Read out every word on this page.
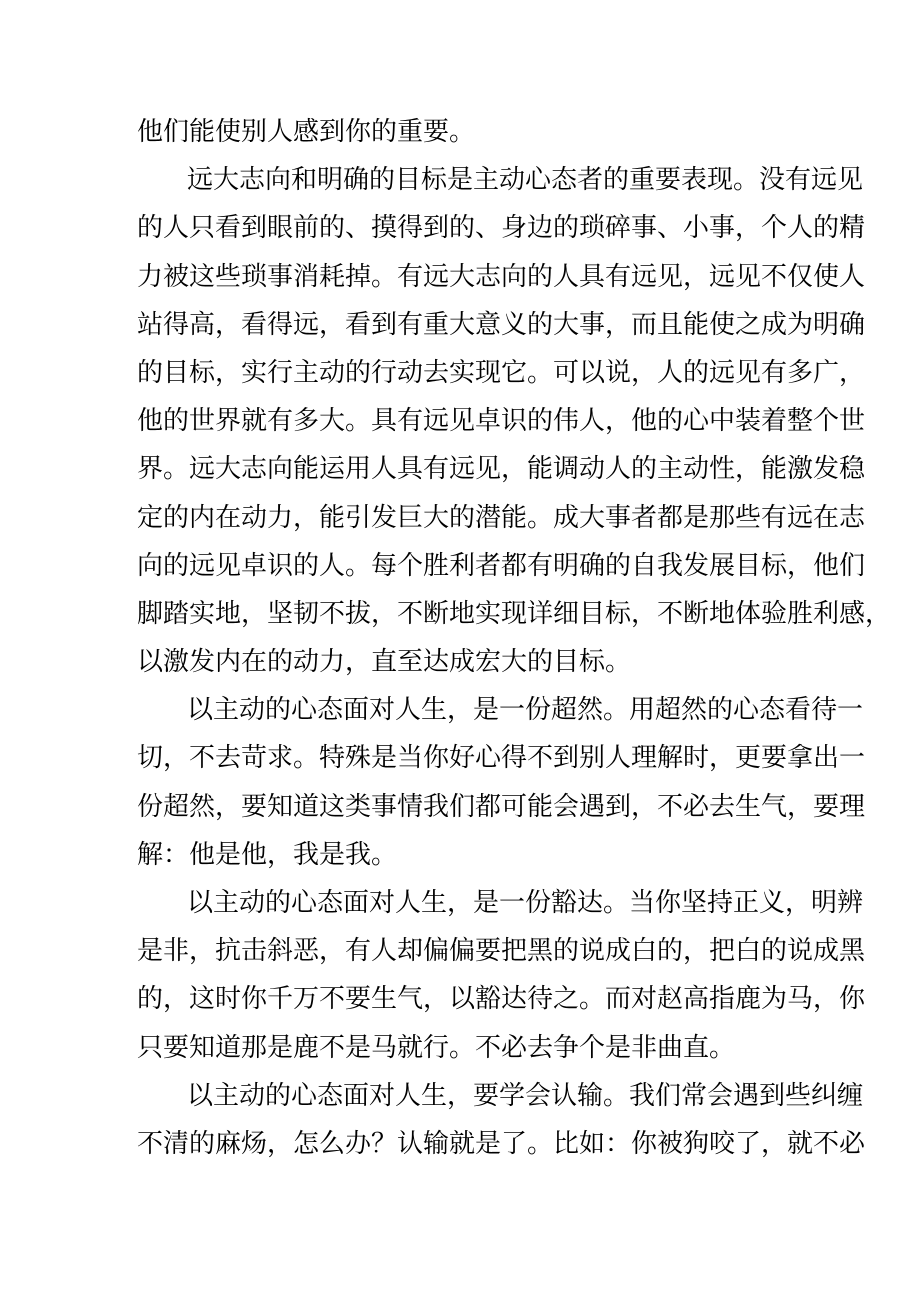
他们能使别人感到你的重要。
远大志向和明确的目标是主动心态者的重要表现。没有远见
的人只看到眼前的、摸得到的、身边的琐碎事、小事，个人的精
力被这些琐事消耗掉。有远大志向的人具有远见，远见不仅使人
站得高，看得远，看到有重大意义的大事，而且能使之成为明确
的目标，实行主动的行动去实现它。可以说，人的远见有多广，
他的世界就有多大。具有远见卓识的伟人，他的心中装着整个世
界。远大志向能运用人具有远见，能调动人的主动性，能激发稳
定的内在动力，能引发巨大的潜能。成大事者都是那些有远在志
向的远见卓识的人。每个胜利者都有明确的自我发展目标，他们
脚踏实地，坚韧不拔，不断地实现详细目标，不断地体验胜利感，
以激发内在的动力，直至达成宏大的目标。
以主动的心态面对人生，是一份超然。用超然的心态看待一
切，不去苛求。特殊是当你好心得不到别人理解时，更要拿出一
份超然，要知道这类事情我们都可能会遇到，不必去生气，要理
解：他是他，我是我。
以主动的心态面对人生，是一份豁达。当你坚持正义，明辨
是非，抗击斜恶，有人却偏偏要把黑的说成白的，把白的说成黑
的，这时你千万不要生气，以豁达待之。而对赵高指鹿为马，你
只要知道那是鹿不是马就行。不必去争个是非曲直。
以主动的心态面对人生，要学会认输。我们常会遇到些纠缠
不清的麻炀，怎么办？认输就是了。比如：你被狗咬了，就不必
